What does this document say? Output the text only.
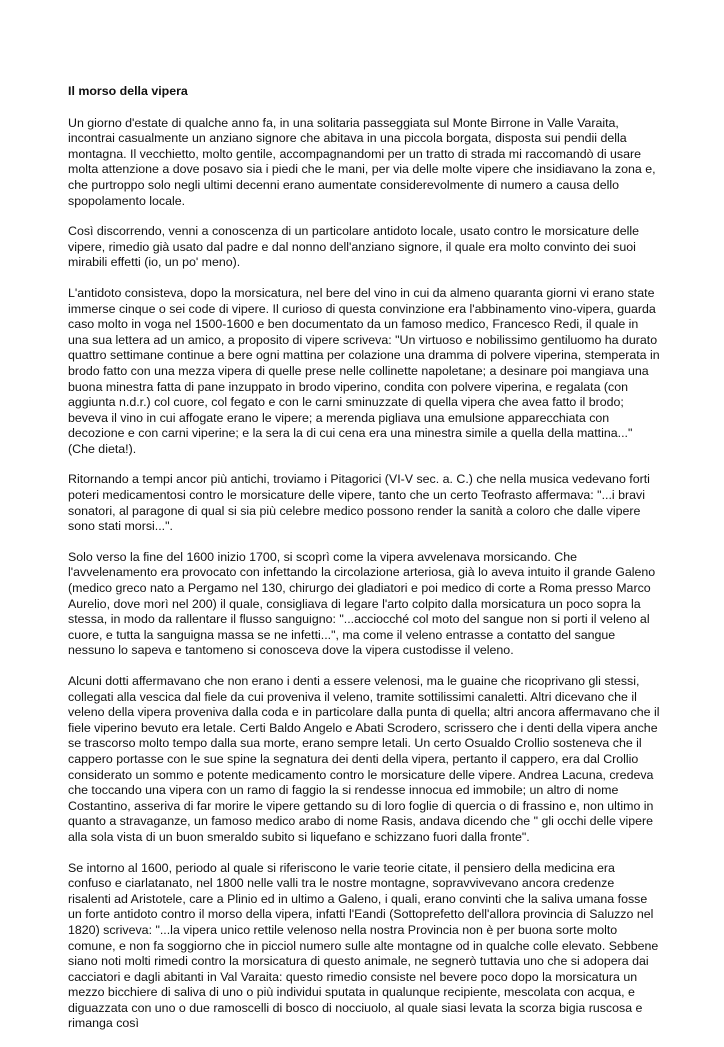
Il morso della vipera

Un giorno d'estate di qualche anno fa, in una solitaria passeggiata sul Monte Birrone in Valle Varaita, incontrai casualmente un anziano signore che abitava in una piccola borgata, disposta sui pendii della montagna. Il vecchietto, molto gentile, accompagnandomi per un tratto di strada mi raccomandò di usare molta attenzione a dove posavo sia i piedi che le mani, per via delle molte vipere che insidiavano la zona e, che purtroppo solo negli ultimi decenni erano aumentate considerevolmente di numero a causa dello spopolamento locale.

Così discorrendo, venni a conoscenza di un particolare antidoto locale, usato contro le morsicature delle vipere, rimedio già usato dal padre e dal nonno dell'anziano signore, il quale era molto convinto dei suoi mirabili effetti (io, un po' meno).

L'antidoto consisteva, dopo la morsicatura, nel bere del vino in cui da almeno quaranta giorni vi erano state immerse cinque o sei code di vipere. Il curioso di questa convinzione era l'abbinamento vino-vipera, guarda caso molto in voga nel 1500-1600 e ben documentato da un famoso medico, Francesco Redi, il quale in una sua lettera ad un amico, a proposito di vipere scriveva: "Un virtuoso e nobilissimo gentiluomo ha durato quattro settimane continue a bere ogni mattina per colazione una dramma di polvere viperina, stemperata in brodo fatto con una mezza vipera di quelle prese nelle collinette napoletane; a desinare poi mangiava una buona minestra fatta di pane inzuppato in brodo viperino, condita con polvere viperina, e regalata (con aggiunta n.d.r.) col cuore, col fegato e con le carni sminuzzate di quella vipera che avea fatto il brodo; beveva il vino in cui affogate erano le vipere; a merenda pigliava una emulsione apparecchiata con decozione e con carni viperine; e la sera la di cui cena era una minestra simile a quella della mattina..." (Che dieta!).

Ritornando a tempi ancor più antichi, troviamo i Pitagorici (VI-V sec. a. C.) che nella musica vedevano forti poteri medicamentosi contro le morsicature delle vipere, tanto che un certo Teofrasto affermava: "...i bravi sonatori, al paragone di qual si sia più celebre medico possono render la sanità a coloro che dalle vipere sono stati morsi...".

Solo verso la fine del 1600 inizio 1700, si scoprì come la vipera avvelenava morsicando. Che l'avvelenamento era provocato con infettando la circolazione arteriosa, già lo aveva intuito il grande Galeno (medico greco nato a Pergamo nel 130, chirurgo dei gladiatori e poi medico di corte a Roma presso Marco Aurelio, dove morì nel 200) il quale, consigliava di legare l'arto colpito dalla morsicatura un poco sopra la stessa, in modo da rallentare il flusso sanguigno: "...acciocché col moto del sangue non si porti il veleno al cuore, e tutta la sanguigna massa se ne infetti...", ma come il veleno entrasse a contatto del sangue nessuno lo sapeva e tantomeno si conosceva dove la vipera custodisse il veleno.

Alcuni dotti affermavano che non erano i denti a essere velenosi, ma le guaine che ricoprivano gli stessi, collegati alla vescica dal fiele da cui proveniva il veleno, tramite sottilissimi canaletti. Altri dicevano che il veleno della vipera proveniva dalla coda e in particolare dalla punta di quella; altri ancora affermavano che il fiele viperino bevuto era letale. Certi Baldo Angelo e Abati Scrodero, scrissero che i denti della vipera anche se trascorso molto tempo dalla sua morte, erano sempre letali. Un certo Osualdo Crollio sosteneva che il cappero portasse con le sue spine la segnatura dei denti della vipera, pertanto il cappero, era dal Crollio considerato un sommo e potente medicamento contro le morsicature delle vipere. Andrea Lacuna, credeva che toccando una vipera con un ramo di faggio la si rendesse innocua ed immobile; un altro di nome Costantino, asseriva di far morire le vipere gettando su di loro foglie di quercia o di frassino e, non ultimo in quanto a stravaganze, un famoso medico arabo di nome Rasis, andava dicendo che " gli occhi delle vipere alla sola vista di un buon smeraldo subito si liquefano e schizzano fuori dalla fronte".

Se intorno al 1600, periodo al quale si riferiscono le varie teorie citate, il pensiero della medicina era confuso e ciarlatanato, nel 1800 nelle valli tra le nostre montagne, sopravvivevano ancora credenze risalenti ad Aristotele, care a Plinio ed in ultimo a Galeno, i quali, erano convinti che la saliva umana fosse un forte antidoto contro il morso della vipera, infatti l'Eandi (Sottoprefetto dell'allora provincia di Saluzzo nel 1820) scriveva: "...la vipera unico rettile velenoso nella nostra Provincia non è per buona sorte molto comune, e non fa soggiorno che in picciol numero sulle alte montagne od in qualche colle elevato. Sebbene siano noti molti rimedi contro la morsicatura di questo animale, ne segnerò tuttavia uno che si adopera dai cacciatori e dagli abitanti in Val Varaita: questo rimedio consiste nel bevere poco dopo la morsicatura un mezzo bicchiere di saliva di uno o più individui sputata in qualunque recipiente, mescolata con acqua, e diguazzata con uno o due ramoscelli di bosco di nocciuolo, al quale siasi levata la scorza bigia ruscosa e rimanga così
